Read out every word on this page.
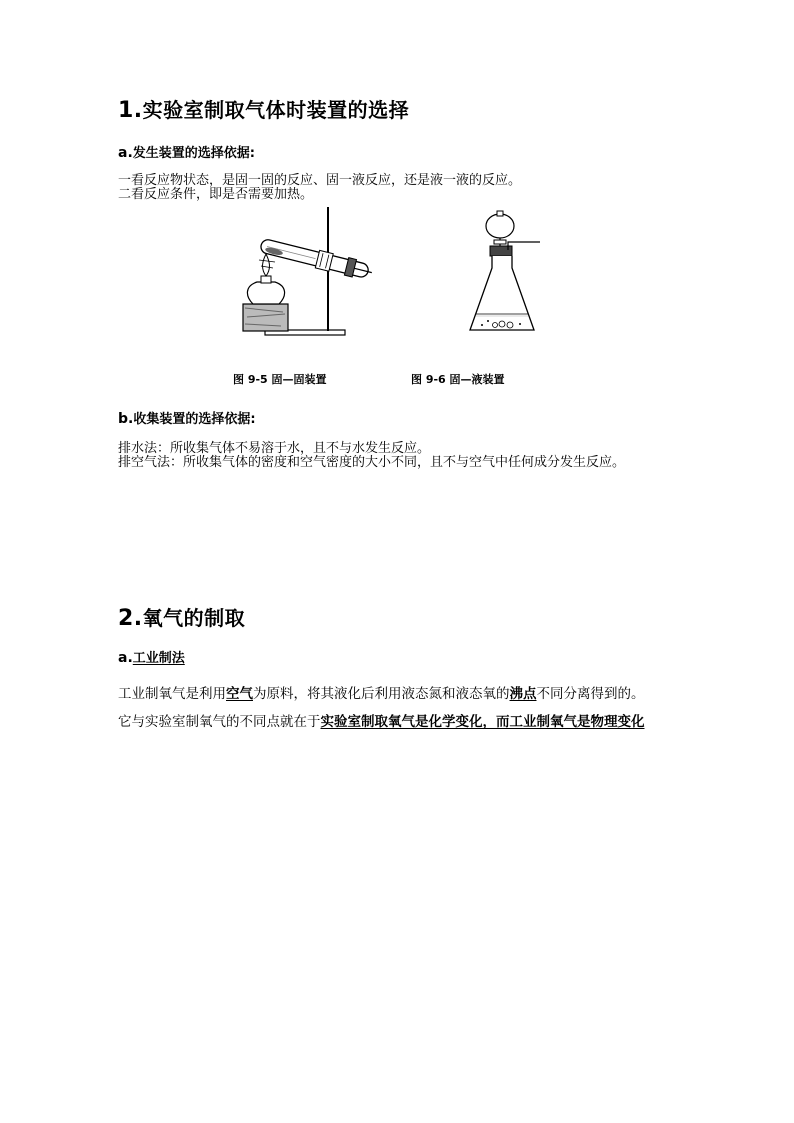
1.实验室制取气体时装置的选择
a.发生装置的选择依据:
一看反应物状态，是固一固的反应、固一液反应，还是液一液的反应。
二看反应条件，即是否需要加热。
图 9-5 固—固装置	图 9-6 固—液装置
b.收集装置的选择依据:
排水法：所收集气体不易溶于水，且不与水发生反应。
排空气法：所收集气体的密度和空气密度的大小不同，且不与空气中任何成分发生反应。
2.氧气的制取
a.工业制法
工业制氧气是利用空气为原料，将其液化后利用液态氮和液态氧的沸点不同分离得到的。
它与实验室制氧气的不同点就在于实验室制取氧气是化学变化，而工业制氧气是物理变化
